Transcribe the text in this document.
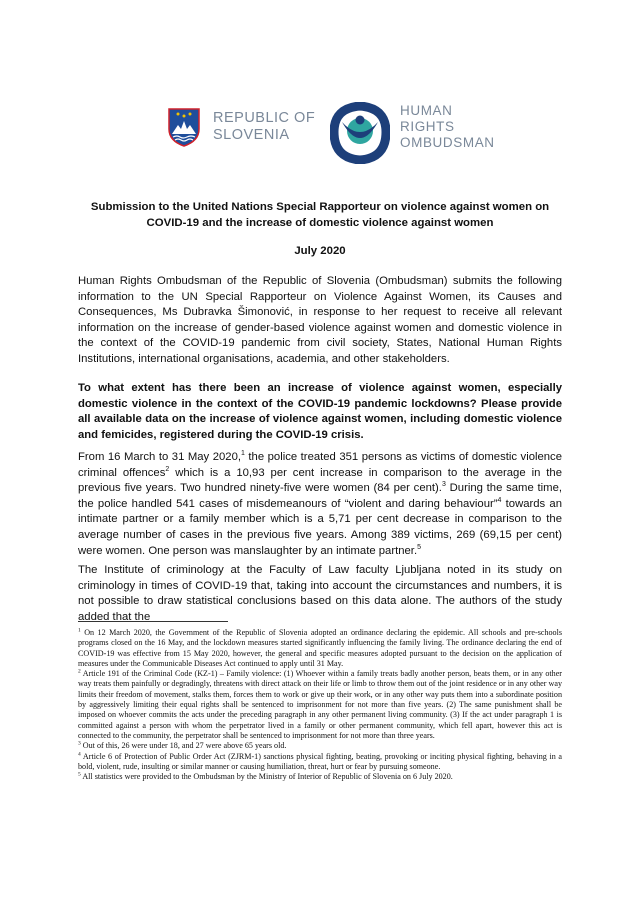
REPUBLIC OF
SLOVENIA
HUMAN
RIGHTS
OMBUDSMAN
Submission to the United Nations Special Rapporteur on violence against women on
COVID-19 and the increase of domestic violence against women
July 2020
Human Rights Ombudsman of the Republic of Slovenia (Ombudsman) submits the following information to the UN Special Rapporteur on Violence Against Women, its Causes and Consequences, Ms Dubravka Šimonović, in response to her request to receive all relevant information on the increase of gender-based violence against women and domestic violence in the context of the COVID-19 pandemic from civil society, States, National Human Rights Institutions, international organisations, academia, and other stakeholders.
To what extent has there been an increase of violence against women, especially domestic violence in the context of the COVID-19 pandemic lockdowns? Please provide all available data on the increase of violence against women, including domestic violence and femicides, registered during the COVID-19 crisis.
From 16 March to 31 May 2020,$^1$ the police treated 351 persons as victims of domestic violence criminal offences$^2$ which is a 10,93 per cent increase in comparison to the average in the previous five years. Two hundred ninety-five were women (84 per cent).$^3$ During the same time, the police handled 541 cases of misdemeanours of “violent and daring behaviour”$^4$ towards an intimate partner or a family member which is a 5,71 per cent decrease in comparison to the average number of cases in the previous five years. Among 389 victims, 269 (69,15 per cent) were women. One person was manslaughter by an intimate partner.$^5$
The Institute of criminology at the Faculty of Law faculty Ljubljana noted in its study on criminology in times of COVID-19 that, taking into account the circumstances and numbers, it is not possible to draw statistical conclusions based on this data alone. The authors of the study added that the

$^1$ On 12 March 2020, the Government of the Republic of Slovenia adopted an ordinance declaring the epidemic. All schools and pre-schools programs closed on the 16 May, and the lockdown measures started significantly influencing the family living. The ordinance declaring the end of COVID-19 was effective from 15 May 2020, however, the general and specific measures adopted pursuant to the decision on the application of measures under the Communicable Diseases Act continued to apply until 31 May.

$^2$ Article 191 of the Criminal Code (KZ-1) – Family violence: (1) Whoever within a family treats badly another person, beats them, or in any other way treats them painfully or degradingly, threatens with direct attack on their life or limb to throw them out of the joint residence or in any other way limits their freedom of movement, stalks them, forces them to work or give up their work, or in any other way puts them into a subordinate position by aggressively limiting their equal rights shall be sentenced to imprisonment for not more than five years. (2) The same punishment shall be imposed on whoever commits the acts under the preceding paragraph in any other permanent living community. (3) If the act under paragraph 1 is committed against a person with whom the perpetrator lived in a family or other permanent community, which fell apart, however this act is connected to the community, the perpetrator shall be sentenced to imprisonment for not more than three years.

$^3$ Out of this, 26 were under 18, and 27 were above 65 years old.

$^4$ Article 6 of Protection of Public Order Act (ZJRM-1) sanctions physical fighting, beating, provoking or inciting physical fighting, behaving in a bold, violent, rude, insulting or similar manner or causing humiliation, threat, hurt or fear by pursuing someone.

$^5$ All statistics were provided to the Ombudsman by the Ministry of Interior of Republic of Slovenia on 6 July 2020.
